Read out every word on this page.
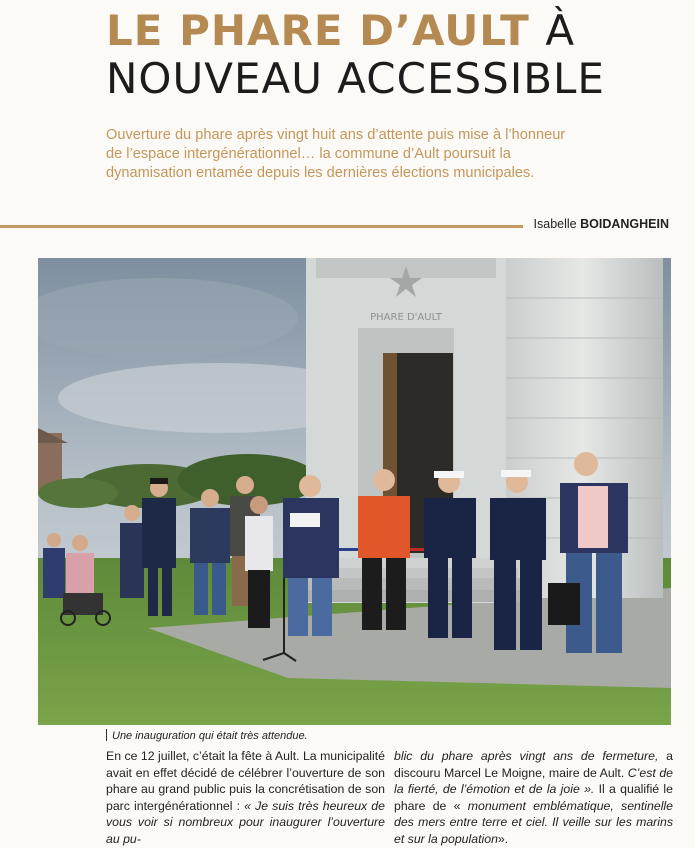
LE PHARE D’AULT À
NOUVEAU ACCESSIBLE
Ouverture du phare après vingt huit ans d’attente puis mise à l’honneur de l’espace intergénérationnel… la commune d’Ault poursuit la dynamisation entamée depuis les dernières élections municipales.
Isabelle BOIDANGHEIN
PHARE D'AULT
Une inauguration qui était très attendue.

En ce 12 juillet, c’était la fête à Ault. La municipalité avait en effet décidé de célébrer l’ouverture de son phare au grand public puis la concrétisation de son parc intergénérationnel : « Je suis très heureux de vous voir si nombreux pour inaugurer l’ouverture au pu-

blic du phare après vingt ans de fermeture, a discouru Marcel Le Moigne, maire de Ault. C’est de la fierté, de l’émotion et de la joie ». Il a qualifié le phare de « monument emblématique, sentinelle des mers entre terre et ciel. Il veille sur les marins et sur la population».
